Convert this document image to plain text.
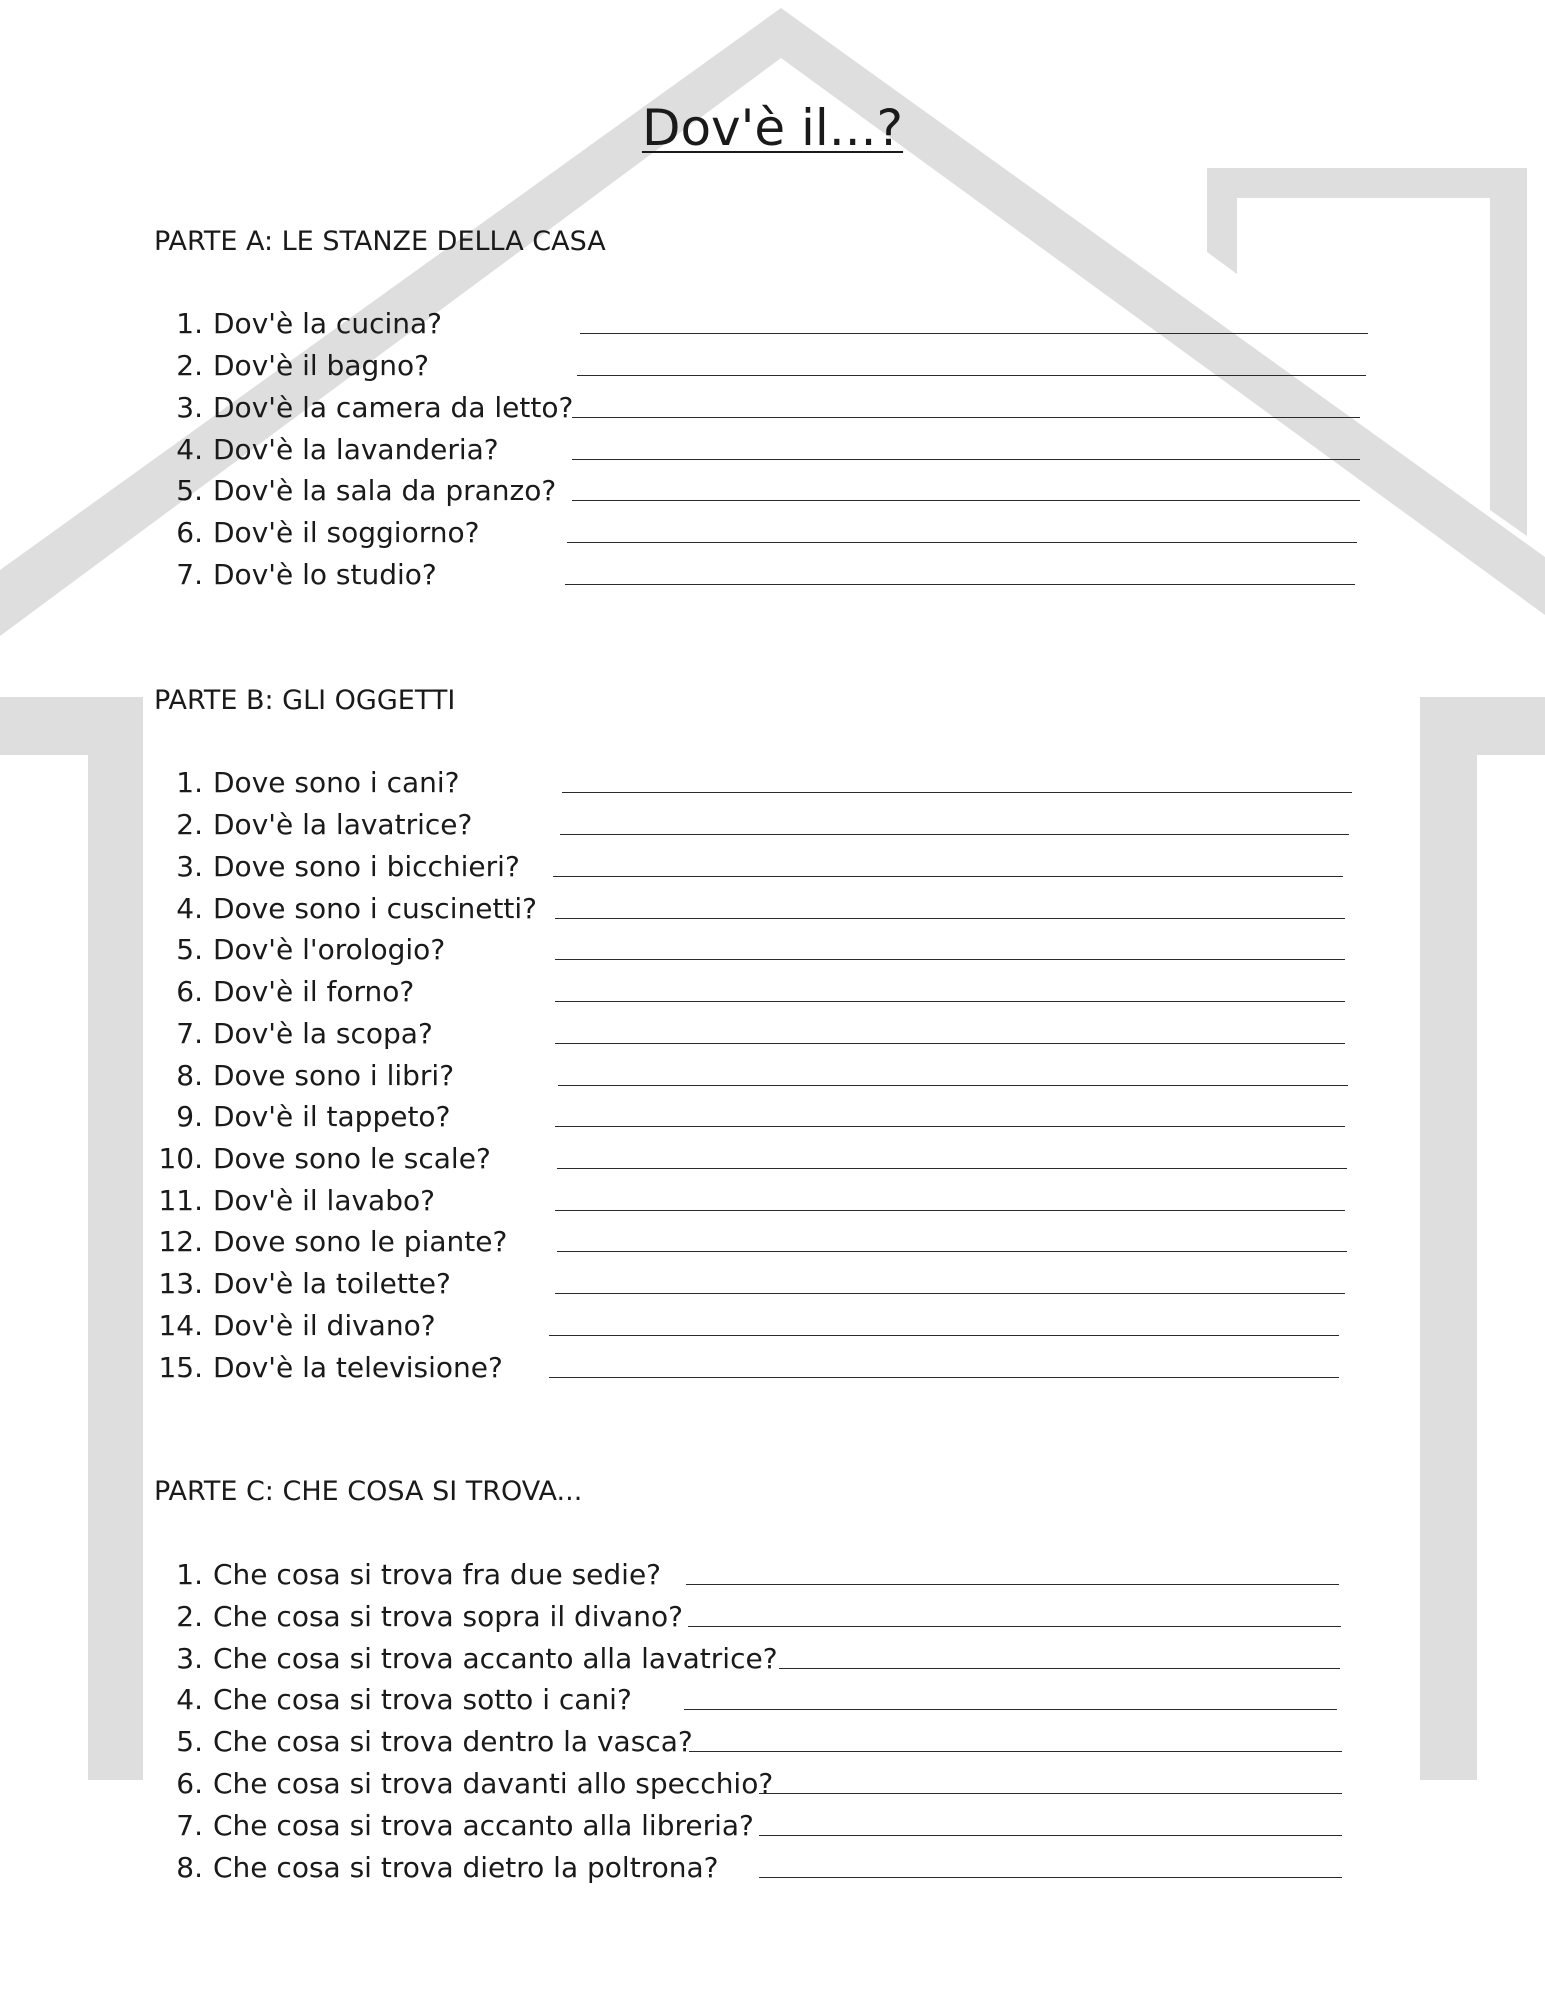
Dov'è il...?
PARTE A: LE STANZE DELLA CASA
1. Dov'è la cucina?
2. Dov'è il bagno?
3. Dov'è la camera da letto?
4. Dov'è la lavanderia?
5. Dov'è la sala da pranzo?
6. Dov'è il soggiorno?
7. Dov'è lo studio?
PARTE B: GLI OGGETTI
1. Dove sono i cani?
2. Dov'è la lavatrice?
3. Dove sono i bicchieri?
4. Dove sono i cuscinetti?
5. Dov'è l'orologio?
6. Dov'è il forno?
7. Dov'è la scopa?
8. Dove sono i libri?
9. Dov'è il tappeto?
10. Dove sono le scale?
11. Dov'è il lavabo?
12. Dove sono le piante?
13. Dov'è la toilette?
14. Dov'è il divano?
15. Dov'è la televisione?
PARTE C: CHE COSA SI TROVA...
1. Che cosa si trova fra due sedie?
2. Che cosa si trova sopra il divano?
3. Che cosa si trova accanto alla lavatrice?
4. Che cosa si trova sotto i cani?
5. Che cosa si trova dentro la vasca?
6. Che cosa si trova davanti allo specchio?
7. Che cosa si trova accanto alla libreria?
8. Che cosa si trova dietro la poltrona?
